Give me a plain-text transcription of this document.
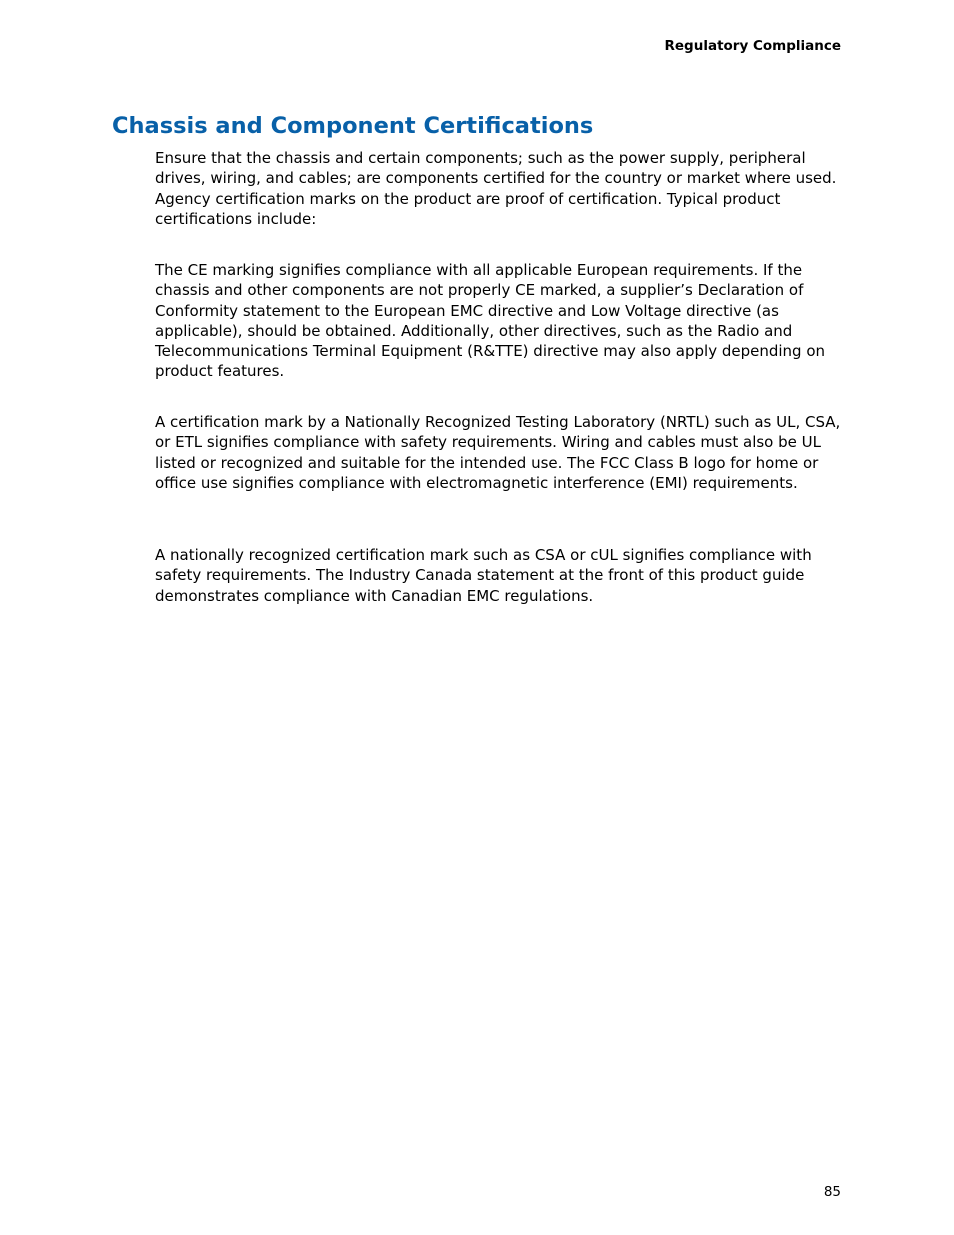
Regulatory Compliance
Chassis and Component Certifications

Ensure that the chassis and certain components; such as the power supply, peripheral drives, wiring, and cables; are components certified for the country or market where used. Agency certification marks on the product are proof of certification. Typical product certifications include:

The CE marking signifies compliance with all applicable European requirements. If the chassis and other components are not properly CE marked, a supplier’s Declaration of Conformity statement to the European EMC directive and Low Voltage directive (as applicable), should be obtained. Additionally, other directives, such as the Radio and Telecommunications Terminal Equipment (R&TTE) directive may also apply depending on product features.

A certification mark by a Nationally Recognized Testing Laboratory (NRTL) such as UL, CSA, or ETL signifies compliance with safety requirements. Wiring and cables must also be UL listed or recognized and suitable for the intended use. The FCC Class B logo for home or office use signifies compliance with electromagnetic interference (EMI) requirements.

A nationally recognized certification mark such as CSA or cUL signifies compliance with safety requirements. The Industry Canada statement at the front of this product guide demonstrates compliance with Canadian EMC regulations.

85
